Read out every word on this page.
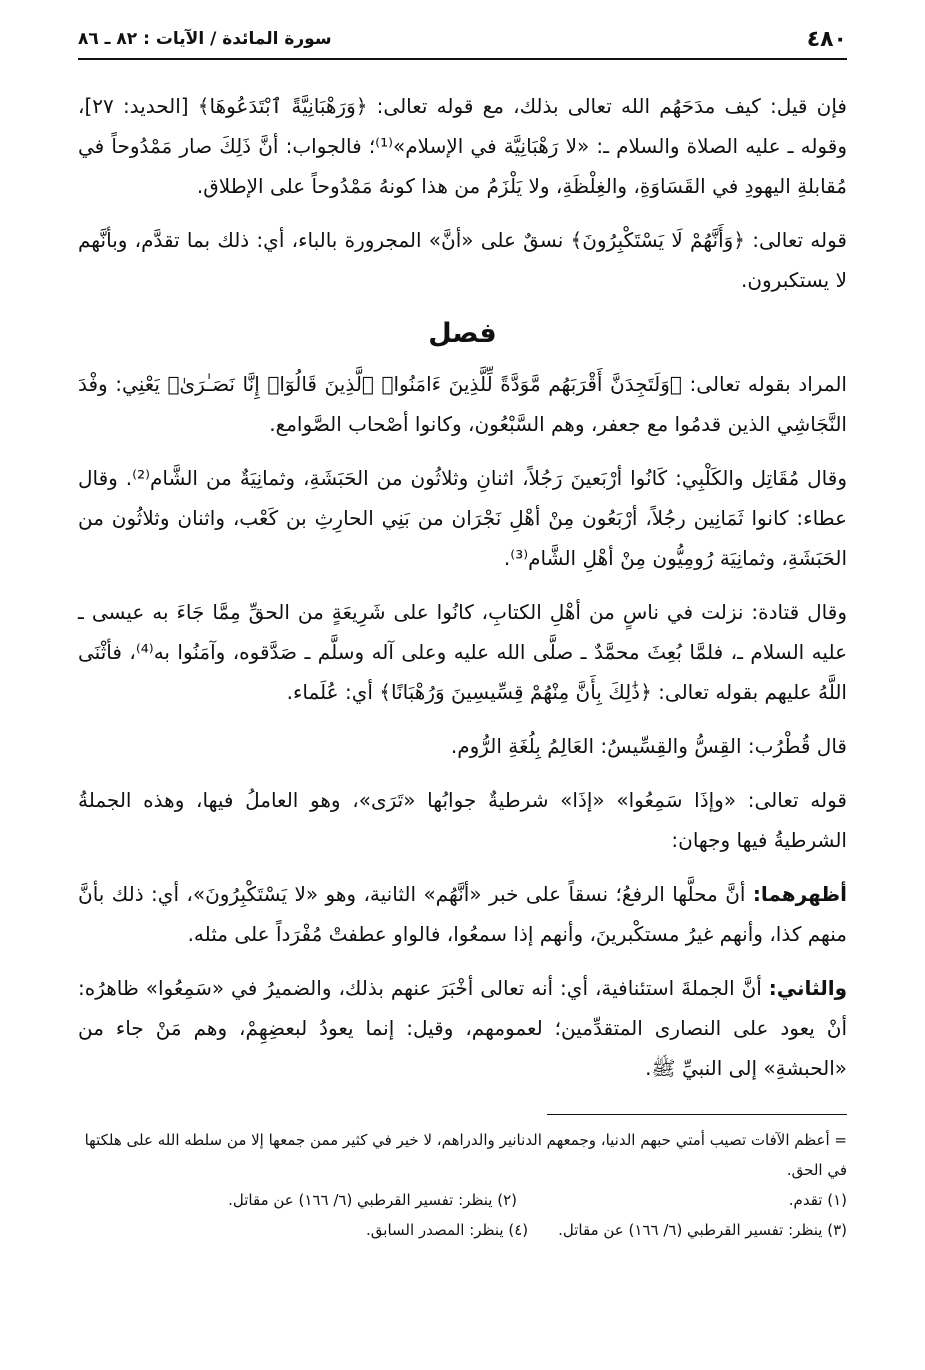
٤٨٠
سورة المائدة / الآيات : ٨٢ ـ ٨٦

فإن قيل: كيف مدَحَهُم الله تعالى بذلك، مع قوله تعالى: ﴿وَرَهْبَانِيَّةً ٱبْتَدَعُوهَا﴾ [الحديد: ٢٧]، وقوله ـ عليه الصلاة والسلام ـ: «لا رَهْبَانِيَّة في الإسلام»⁽¹⁾؛ فالجواب: أنَّ ذَلِكَ صار مَمْدُوحاً في مُقابلةِ اليهودِ في القَسَاوَةِ، والغِلْظَةِ، ولا يَلْزَمُ من هذا كونهُ مَمْدُوحاً على الإطلاق.

قوله تعالى: ﴿وَأَنَّهُمْ لَا يَسْتَكْبِرُونَ﴾ نسقٌ على «أنَّ» المجرورة بالباء، أي: ذلك بما تقدَّم، وبأنَّهم لا يستكبرون.

فصل

المراد بقوله تعالى: ﴿وَلَتَجِدَنَّ أَقْرَبَهُم مَّوَدَّةً لِّلَّذِينَ ءَامَنُوا۟ ٱلَّذِينَ قَالُوٓا۟ إِنَّا نَصَـٰرَىٰ﴾ يَعْنِي: وفْدَ النَّجَاشِي الذين قدمُوا مع جعفر، وهم السَّبْعُون، وكانوا أصْحاب الصَّوامع.

وقال مُقَاتِل والكَلْبِي: كَانُوا أرْبَعينَ رَجُلاً، اثنانِ وثلاثُون من الحَبَشَةِ، وثمانِيَةٌ من الشَّام⁽²⁾. وقال عطاء: كانوا ثَمَانِين رجُلاً، أرْبَعُون مِنْ أهْلِ نَجْرَان من بَنِي الحارِثِ بن كَعْب، واثنان وثلاثُون من الحَبَشَةِ، وثمانِيَة رُومِيُّون مِنْ أهْلِ الشَّام⁽³⁾.

وقال قتادة: نزلت في ناسٍ من أهْلِ الكتابِ، كانُوا على شَرِيعَةٍ من الحقِّ مِمَّا جَاءَ به عيسى ـ عليه السلام ـ، فلمَّا بُعِثَ محمَّدٌ ـ صلَّى الله عليه وعلى آله وسلَّم ـ صَدَّقوه، وآمَنُوا به⁽⁴⁾، فأثْنَى اللَّهُ عليهم بقوله تعالى: ﴿ذَٰلِكَ بِأَنَّ مِنْهُمْ قِسِّيسِينَ وَرُهْبَانًا﴾ أي: عُلَماء.

قال قُطْرُب: القِسُّ والقِسِّيسُ: العَالِمُ بِلُغَةِ الرُّوم.

قوله تعالى: «وإذَا سَمِعُوا» «إذَا» شرطيةٌ جوابُها «تَرَى»، وهو العاملُ فيها، وهذه الجملةُ الشرطيةُ فيها وجهان:

أظهرهما: أنَّ محلَّها الرفعُ؛ نسقاً على خبر «أنَّهُم» الثانية، وهو «لا يَسْتَكْبِرُونَ»، أي: ذلك بأنَّ منهم كذا، وأنهم غيرُ مستكْبرينَ، وأنهم إذا سمعُوا، فالواو عطفتْ مُفْرَداً على مثله.

والثاني: أنَّ الجملةَ استئنافية، أي: أنه تعالى أخْبَرَ عنهم بذلك، والضميرُ في «سَمِعُوا» ظاهرُه: أنْ يعود على النصارى المتقدِّمين؛ لعمومهم، وقيل: إنما يعودُ لبعضِهِمْ، وهم مَنْ جاء من «الحبشةِ» إلى النبيِّ ﷺ.

= أعظم الآفات تصيب أمتي حبهم الدنيا، وجمعهم الدنانير والدراهم، لا خير في كثير ممن جمعها إلا من سلطه الله على هلكتها في الحق.

(١) تقدم.
(٢) ينظر: تفسير القرطبي (٦/ ١٦٦) عن مقاتل.
(٣) ينظر: تفسير القرطبي (٦/ ١٦٦) عن مقاتل.
(٤) ينظر: المصدر السابق.
